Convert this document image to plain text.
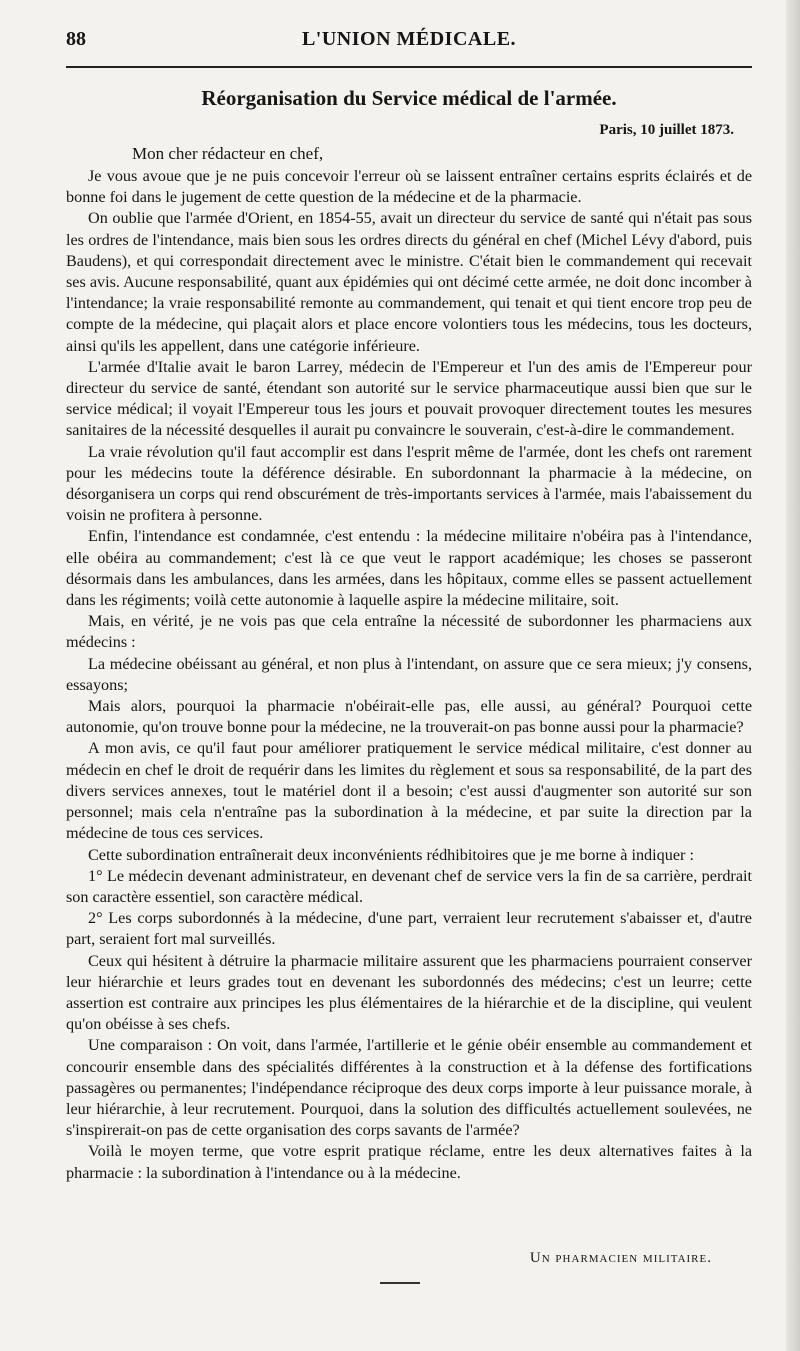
88	L'UNION MÉDICALE.
Réorganisation du Service médical de l'armée.
Paris, 10 juillet 1873.
Mon cher rédacteur en chef,

Je vous avoue que je ne puis concevoir l'erreur où se laissent entraîner certains esprits éclairés et de bonne foi dans le jugement de cette question de la médecine et de la pharmacie.

On oublie que l'armée d'Orient, en 1854-55, avait un directeur du service de santé qui n'était pas sous les ordres de l'intendance, mais bien sous les ordres directs du général en chef (Michel Lévy d'abord, puis Baudens), et qui correspondait directement avec le ministre. C'était bien le commandement qui recevait ses avis. Aucune responsabilité, quant aux épidémies qui ont décimé cette armée, ne doit donc incomber à l'intendance; la vraie responsabilité remonte au commandement, qui tenait et qui tient encore trop peu de compte de la médecine, qui plaçait alors et place encore volontiers tous les médecins, tous les docteurs, ainsi qu'ils les appellent, dans une catégorie inférieure.

L'armée d'Italie avait le baron Larrey, médecin de l'Empereur et l'un des amis de l'Empereur pour directeur du service de santé, étendant son autorité sur le service pharmaceutique aussi bien que sur le service médical; il voyait l'Empereur tous les jours et pouvait provoquer directement toutes les mesures sanitaires de la nécessité desquelles il aurait pu convaincre le souverain, c'est-à-dire le commandement.

La vraie révolution qu'il faut accomplir est dans l'esprit même de l'armée, dont les chefs ont rarement pour les médecins toute la déférence désirable. En subordonnant la pharmacie à la médecine, on désorganisera un corps qui rend obscurément de très-importants services à l'armée, mais l'abaissement du voisin ne profitera à personne.

Enfin, l'intendance est condamnée, c'est entendu : la médecine militaire n'obéira pas à l'intendance, elle obéira au commandement; c'est là ce que veut le rapport académique; les choses se passeront désormais dans les ambulances, dans les armées, dans les hôpitaux, comme elles se passent actuellement dans les régiments; voilà cette autonomie à laquelle aspire la médecine militaire, soit.

Mais, en vérité, je ne vois pas que cela entraîne la nécessité de subordonner les pharmaciens aux médecins :

La médecine obéissant au général, et non plus à l'intendant, on assure que ce sera mieux; j'y consens, essayons;

Mais alors, pourquoi la pharmacie n'obéirait-elle pas, elle aussi, au général? Pourquoi cette autonomie, qu'on trouve bonne pour la médecine, ne la trouverait-on pas bonne aussi pour la pharmacie?

A mon avis, ce qu'il faut pour améliorer pratiquement le service médical militaire, c'est donner au médecin en chef le droit de requérir dans les limites du règlement et sous sa responsabilité, de la part des divers services annexes, tout le matériel dont il a besoin; c'est aussi d'augmenter son autorité sur son personnel; mais cela n'entraîne pas la subordination à la médecine, et par suite la direction par la médecine de tous ces services.

Cette subordination entraînerait deux inconvénients rédhibitoires que je me borne à indiquer :

1° Le médecin devenant administrateur, en devenant chef de service vers la fin de sa carrière, perdrait son caractère essentiel, son caractère médical.

2° Les corps subordonnés à la médecine, d'une part, verraient leur recrutement s'abaisser et, d'autre part, seraient fort mal surveillés.

Ceux qui hésitent à détruire la pharmacie militaire assurent que les pharmaciens pourraient conserver leur hiérarchie et leurs grades tout en devenant les subordonnés des médecins; c'est un leurre; cette assertion est contraire aux principes les plus élémentaires de la hiérarchie et de la discipline, qui veulent qu'on obéisse à ses chefs.

Une comparaison : On voit, dans l'armée, l'artillerie et le génie obéir ensemble au commandement et concourir ensemble dans des spécialités différentes à la construction et à la défense des fortifications passagères ou permanentes; l'indépendance réciproque des deux corps importe à leur puissance morale, à leur hiérarchie, à leur recrutement. Pourquoi, dans la solution des difficultés actuellement soulevées, ne s'inspirerait-on pas de cette organisation des corps savants de l'armée?

Voilà le moyen terme, que votre esprit pratique réclame, entre les deux alternatives faites à la pharmacie : la subordination à l'intendance ou à la médecine.

Un pharmacien militaire.
